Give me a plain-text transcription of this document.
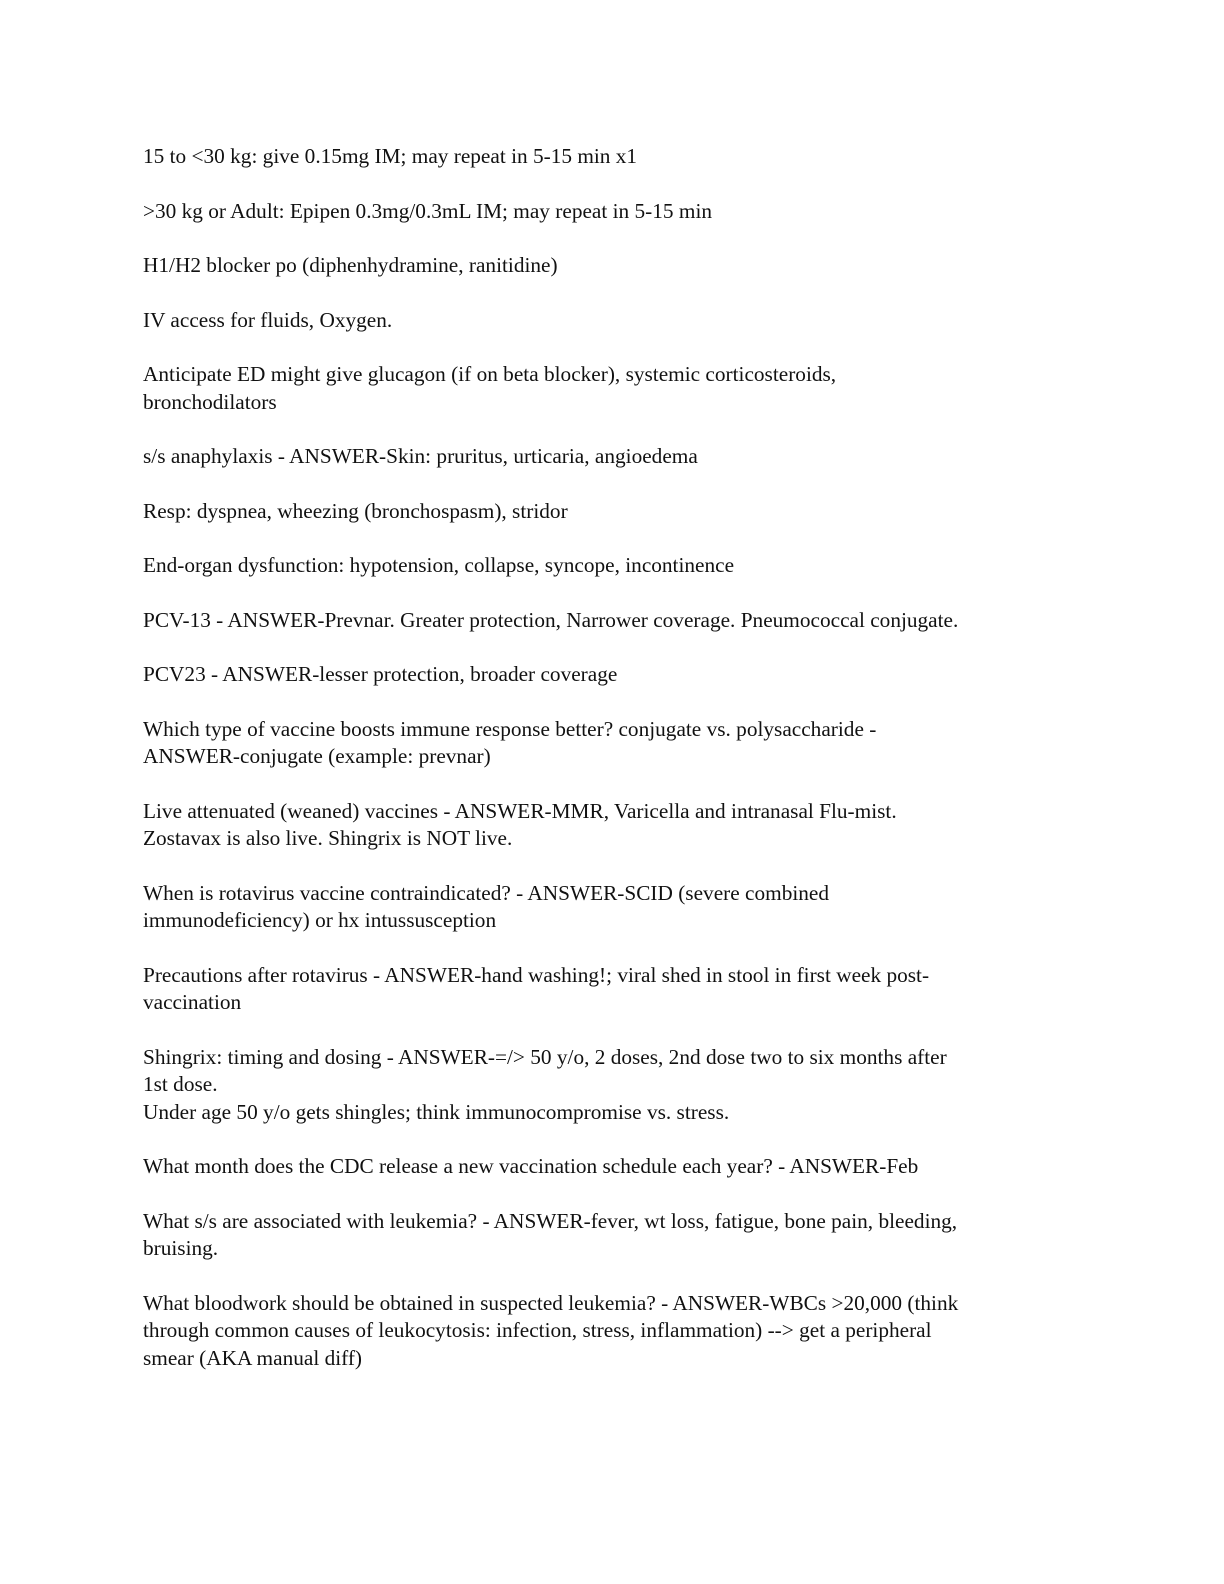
15 to <30 kg: give 0.15mg IM; may repeat in 5-15 min x1

>30 kg or Adult: Epipen 0.3mg/0.3mL IM; may repeat in 5-15 min

H1/H2 blocker po (diphenhydramine, ranitidine)

IV access for fluids, Oxygen.

Anticipate ED might give glucagon (if on beta blocker), systemic corticosteroids,
bronchodilators

s/s anaphylaxis - ANSWER-Skin: pruritus, urticaria, angioedema

Resp: dyspnea, wheezing (bronchospasm), stridor

End-organ dysfunction: hypotension, collapse, syncope, incontinence

PCV-13 - ANSWER-Prevnar. Greater protection, Narrower coverage. Pneumococcal conjugate.

PCV23 - ANSWER-lesser protection, broader coverage

Which type of vaccine boosts immune response better? conjugate vs. polysaccharide -
ANSWER-conjugate (example: prevnar)

Live attenuated (weaned) vaccines - ANSWER-MMR, Varicella and intranasal Flu-mist.
Zostavax is also live. Shingrix is NOT live.

When is rotavirus vaccine contraindicated? - ANSWER-SCID (severe combined
immunodeficiency) or hx intussusception

Precautions after rotavirus - ANSWER-hand washing!; viral shed in stool in first week post-
vaccination

Shingrix: timing and dosing - ANSWER-=/> 50 y/o, 2 doses, 2nd dose two to six months after
1st dose.
Under age 50 y/o gets shingles; think immunocompromise vs. stress.

What month does the CDC release a new vaccination schedule each year? - ANSWER-Feb

What s/s are associated with leukemia? - ANSWER-fever, wt loss, fatigue, bone pain, bleeding,
bruising.

What bloodwork should be obtained in suspected leukemia? - ANSWER-WBCs >20,000 (think
through common causes of leukocytosis: infection, stress, inflammation) --> get a peripheral
smear (AKA manual diff)
